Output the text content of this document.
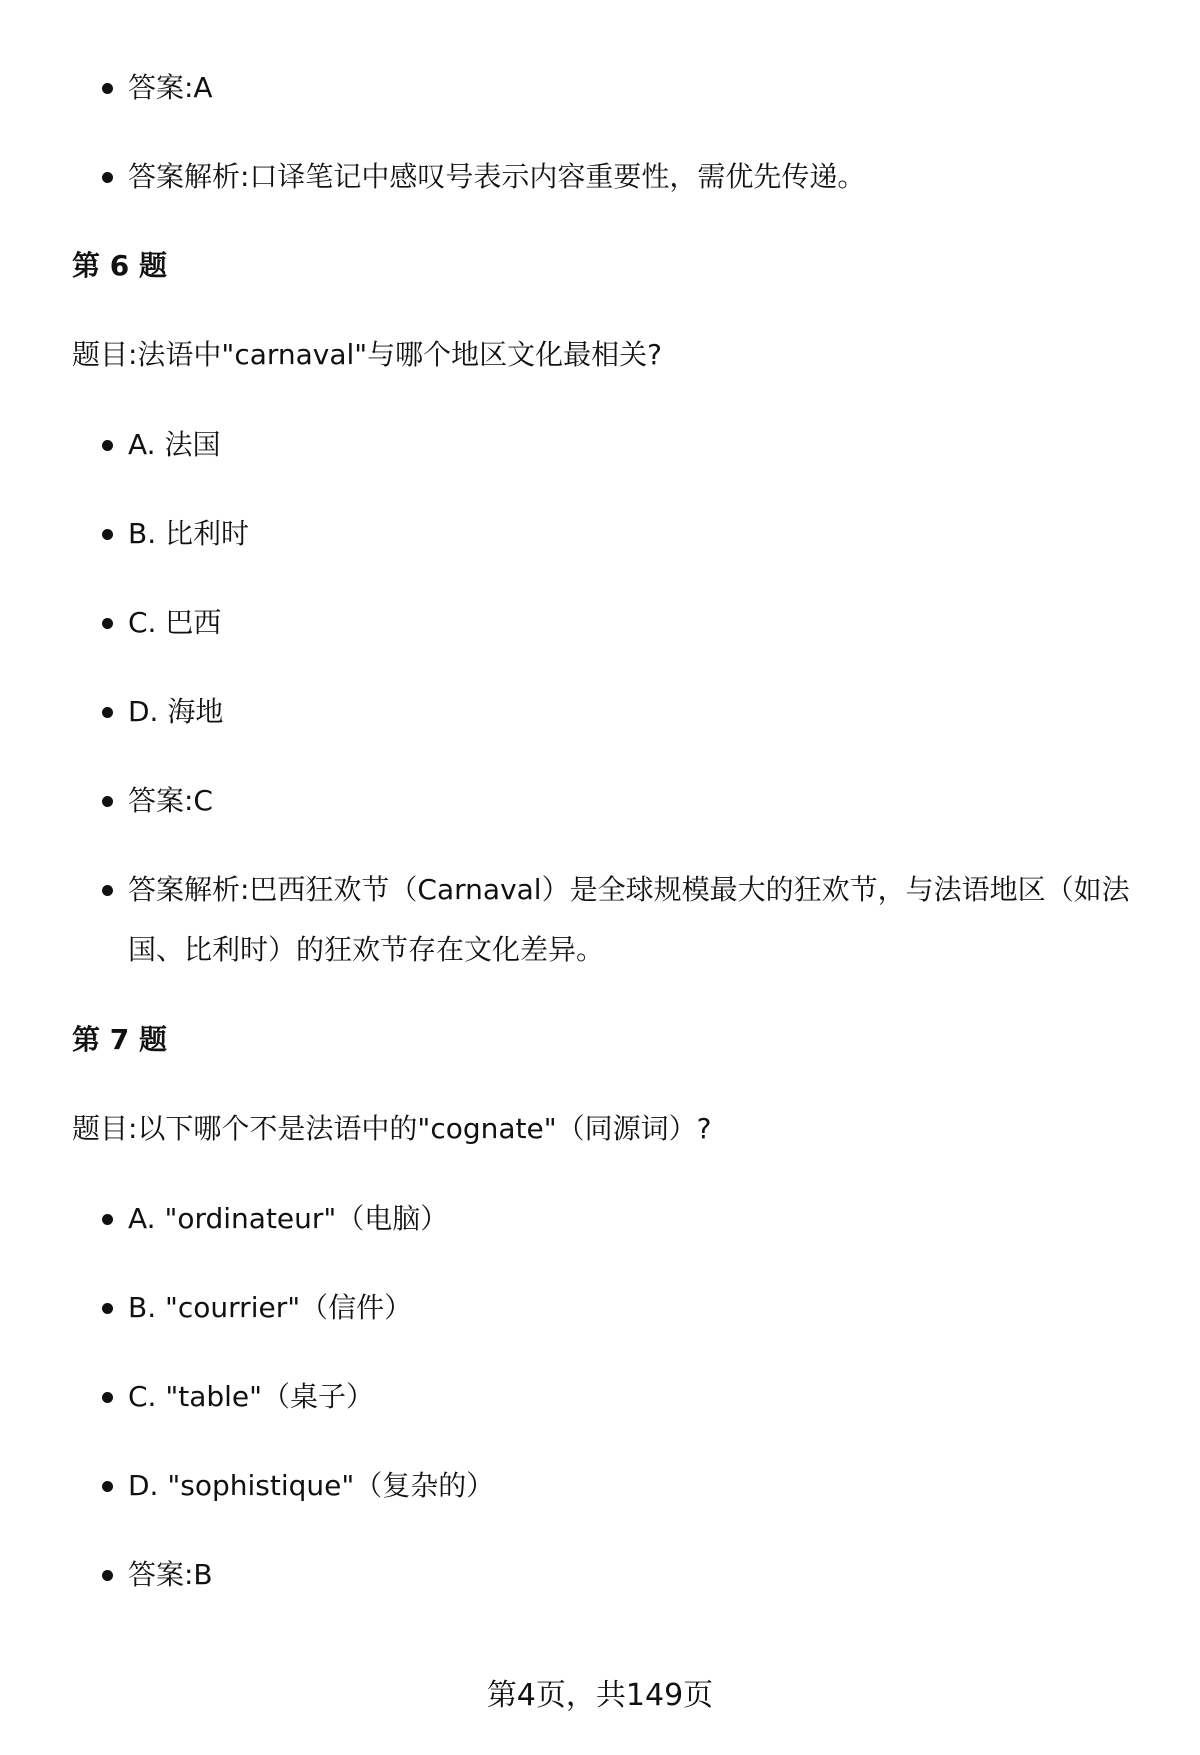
答案:A
答案解析:口译笔记中感叹号表示内容重要性，需优先传递。
第 6 题
题目:法语中"carnaval"与哪个地区文化最相关?
A. 法国
B. 比利时
C. 巴西
D. 海地
答案:C
答案解析:巴西狂欢节（Carnaval）是全球规模最大的狂欢节，与法语地区（如法国、比利时）的狂欢节存在文化差异。
第 7 题
题目:以下哪个不是法语中的"cognate"（同源词）?
A. "ordinateur"（电脑）
B. "courrier"（信件）
C. "table"（桌子）
D. "sophistique"（复杂的）
答案:B
第4页，共149页
